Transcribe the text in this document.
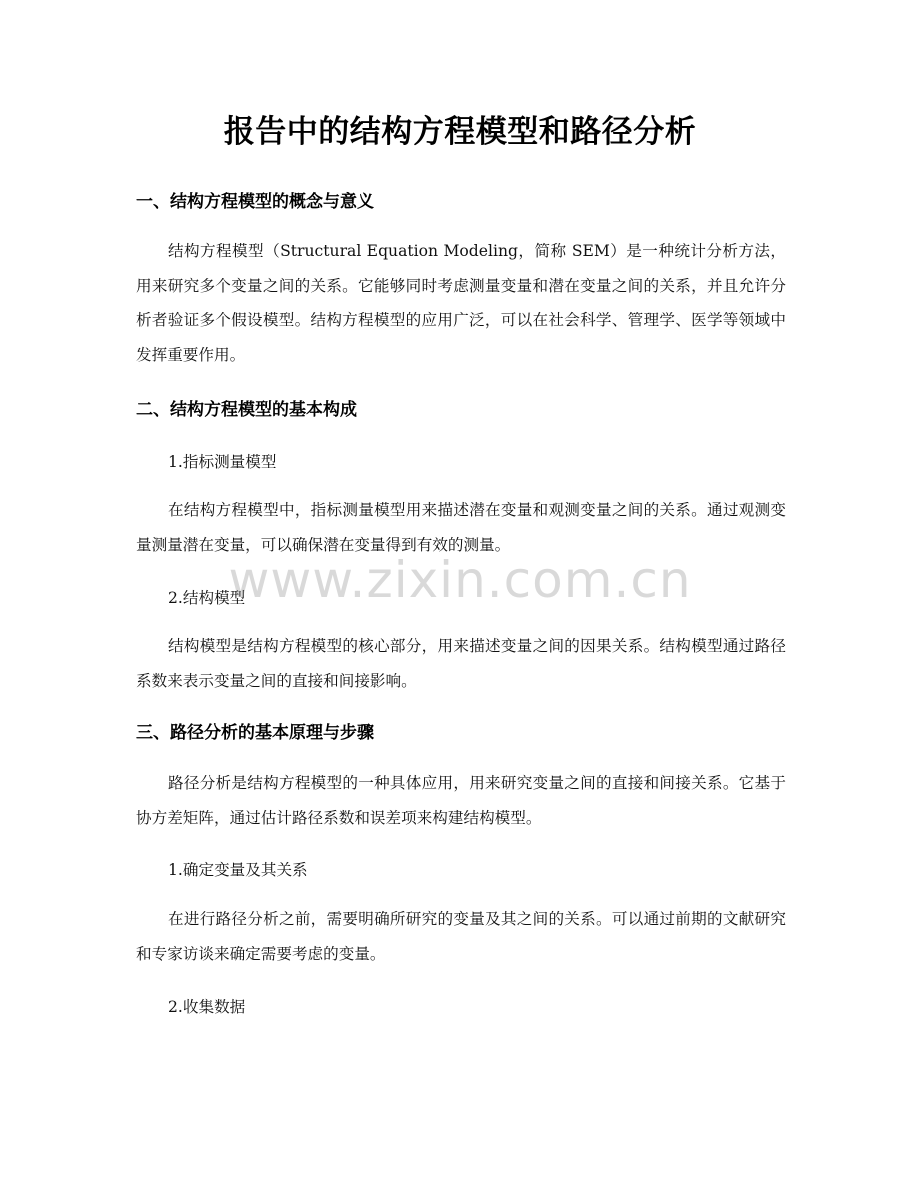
报告中的结构方程模型和路径分析
一、结构方程模型的概念与意义

结构方程模型（Structural Equation Modeling，简称 SEM）是一种统计分析方法，用来研究多个变量之间的关系。它能够同时考虑测量变量和潜在变量之间的关系，并且允许分析者验证多个假设模型。结构方程模型的应用广泛，可以在社会科学、管理学、医学等领域中发挥重要作用。

二、结构方程模型的基本构成

1.指标测量模型

在结构方程模型中，指标测量模型用来描述潜在变量和观测变量之间的关系。通过观测变量测量潜在变量，可以确保潜在变量得到有效的测量。

2.结构模型

结构模型是结构方程模型的核心部分，用来描述变量之间的因果关系。结构模型通过路径系数来表示变量之间的直接和间接影响。

三、路径分析的基本原理与步骤

路径分析是结构方程模型的一种具体应用，用来研究变量之间的直接和间接关系。它基于协方差矩阵，通过估计路径系数和误差项来构建结构模型。

1.确定变量及其关系

在进行路径分析之前，需要明确所研究的变量及其之间的关系。可以通过前期的文献研究和专家访谈来确定需要考虑的变量。

2.收集数据

www.zixin.com.cn
